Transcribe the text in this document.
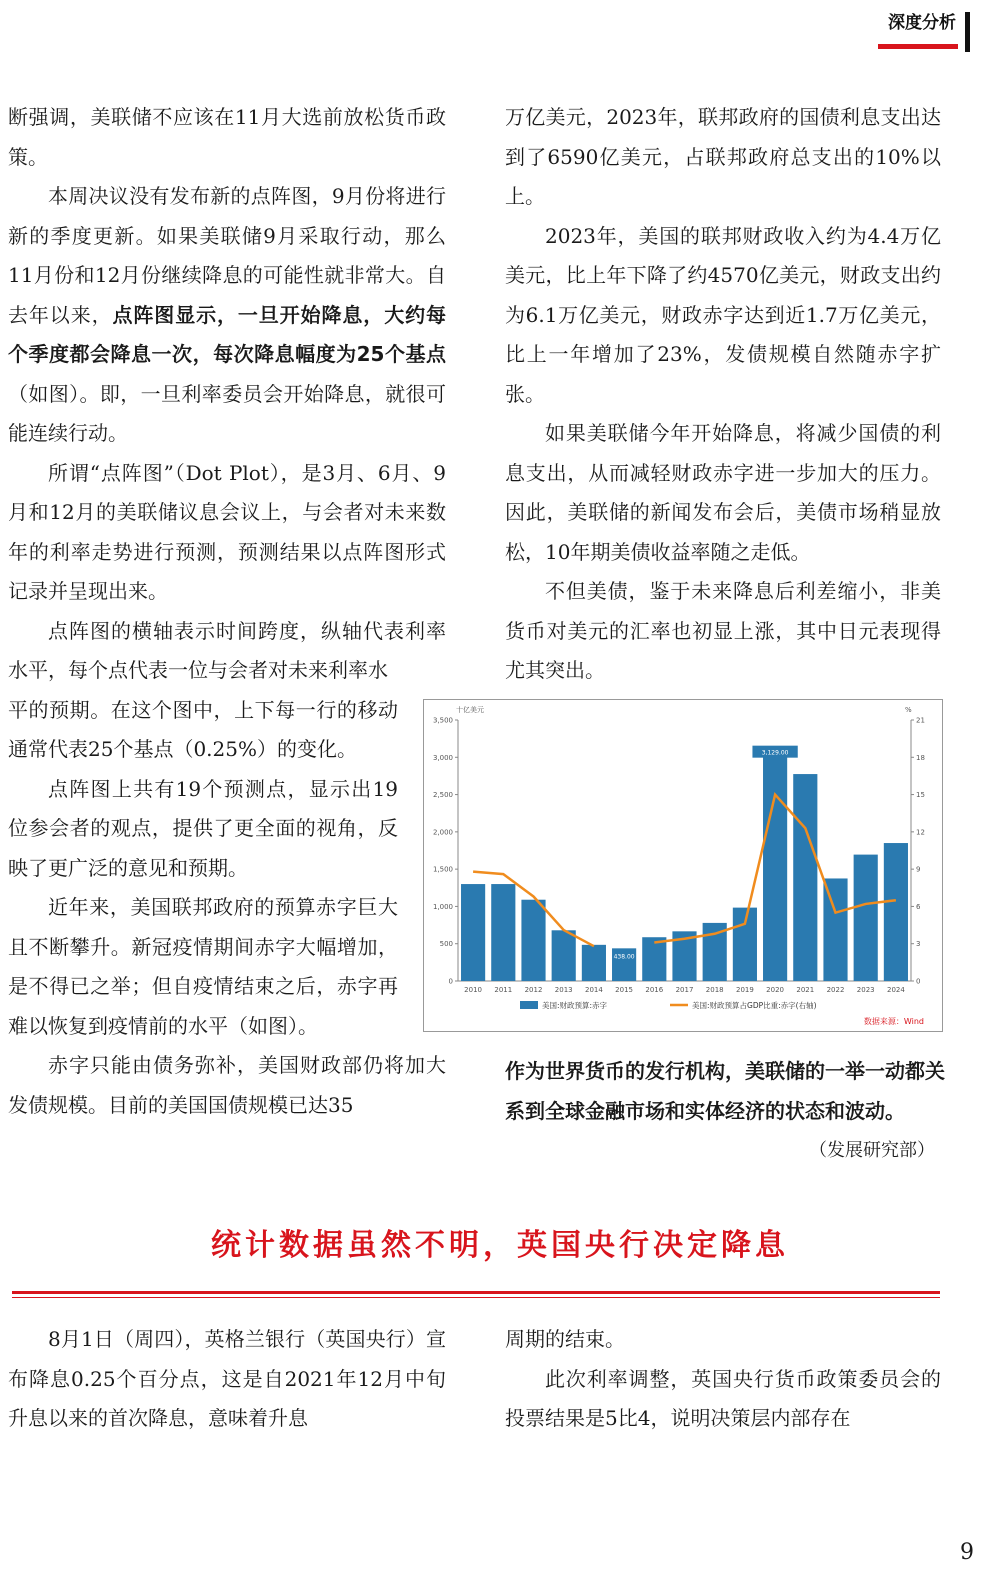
深度分析

断强调，美联储不应该在11月大选前放松货币政策。

本周决议没有发布新的点阵图，9月份将进行新的季度更新。如果美联储9月采取行动，那么11月份和12月份继续降息的可能性就非常大。自去年以来，点阵图显示，一旦开始降息，大约每个季度都会降息一次，每次降息幅度为25个基点（如图）。即，一旦利率委员会开始降息，就很可能连续行动。

所谓“点阵图”（Dot Plot），是3月、6月、9月和12月的美联储议息会议上，与会者对未来数年的利率走势进行预测，预测结果以点阵图形式记录并呈现出来。

点阵图的横轴表示时间跨度，纵轴代表利率水平，每个点代表一位与会者对未来利率水

平的预期。在这个图中，上下每一行的移动通常代表25个基点（0.25%）的变化。

点阵图上共有19个预测点，显示出19位参会者的观点，提供了更全面的视角，反映了更广泛的意见和预期。

近年来，美国联邦政府的预算赤字巨大且不断攀升。新冠疫情期间赤字大幅增加，是不得已之举；但自疫情结束之后，赤字再难以恢复到疫情前的水平（如图）。

赤字只能由债务弥补，美国财政部仍将加大发债规模。目前的美国国债规模已达35

万亿美元，2023年，联邦政府的国债利息支出达到了6590亿美元，占联邦政府总支出的10%以上。

2023年，美国的联邦财政收入约为4.4万亿美元，比上年下降了约4570亿美元，财政支出约为6.1万亿美元，财政赤字达到近1.7万亿美元，比上一年增加了23%，发债规模自然随赤字扩张。

如果美联储今年开始降息，将减少国债的利息支出，从而减轻财政赤字进一步加大的压力。因此，美联储的新闻发布会后，美债市场稍显放松，10年期美债收益率随之走低。

不但美债，鉴于未来降息后利差缩小，非美货币对美元的汇率也初显上涨，其中日元表现得尤其突出。

十亿美元	%
0
500
1,000
1,500
2,000
2,500
3,000
3,500
0
3
6
9
12
15
18
21
2010 2011 2012 2013 2014 2015 2016 2017 2018 2019 2020 2021 2022 2023 2024
438.00
3,129.00
美国:财政预算:赤字	美国:财政预算占GDP比重:赤字(右轴)
数据来源：Wind
作为世界货币的发行机构，美联储的一举一动都关系到全球金融市场和实体经济的状态和波动。
（发展研究部）
统计数据虽然不明，英国央行决定降息

8月1日（周四），英格兰银行（英国央行）宣布降息0.25个百分点，这是自2021年12月中旬升息以来的首次降息，意味着升息

周期的结束。

此次利率调整，英国央行货币政策委员会的投票结果是5比4，说明决策层内部存在

9
